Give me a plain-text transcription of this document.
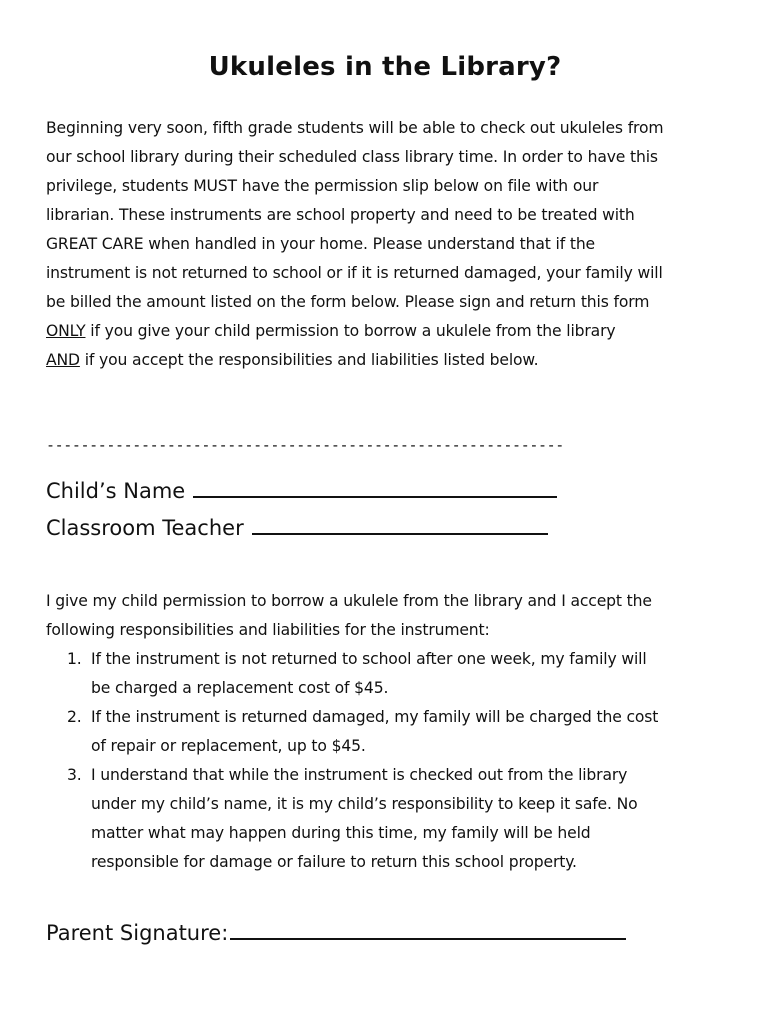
Ukuleles in the Library?
Beginning very soon, fifth grade students will be able to check out ukuleles from
our school library during their scheduled class library time. In order to have this
privilege, students MUST have the permission slip below on file with our
librarian. These instruments are school property and need to be treated with
GREAT CARE when handled in your home. Please understand that if the
instrument is not returned to school or if it is returned damaged, your family will
be billed the amount listed on the form below. Please sign and return this form
ONLY if you give your child permission to borrow a ukulele from the library
AND if you accept the responsibilities and liabilities listed below.
------------------------------------------------------------
Child’s Name
Classroom Teacher
I give my child permission to borrow a ukulele from the library and I accept the
following responsibilities and liabilities for the instrument:
1. If the instrument is not returned to school after one week, my family will
be charged a replacement cost of $45.
2. If the instrument is returned damaged, my family will be charged the cost
of repair or replacement, up to $45.
3. I understand that while the instrument is checked out from the library
under my child’s name, it is my child’s responsibility to keep it safe. No
matter what may happen during this time, my family will be held
responsible for damage or failure to return this school property.
Parent Signature:
